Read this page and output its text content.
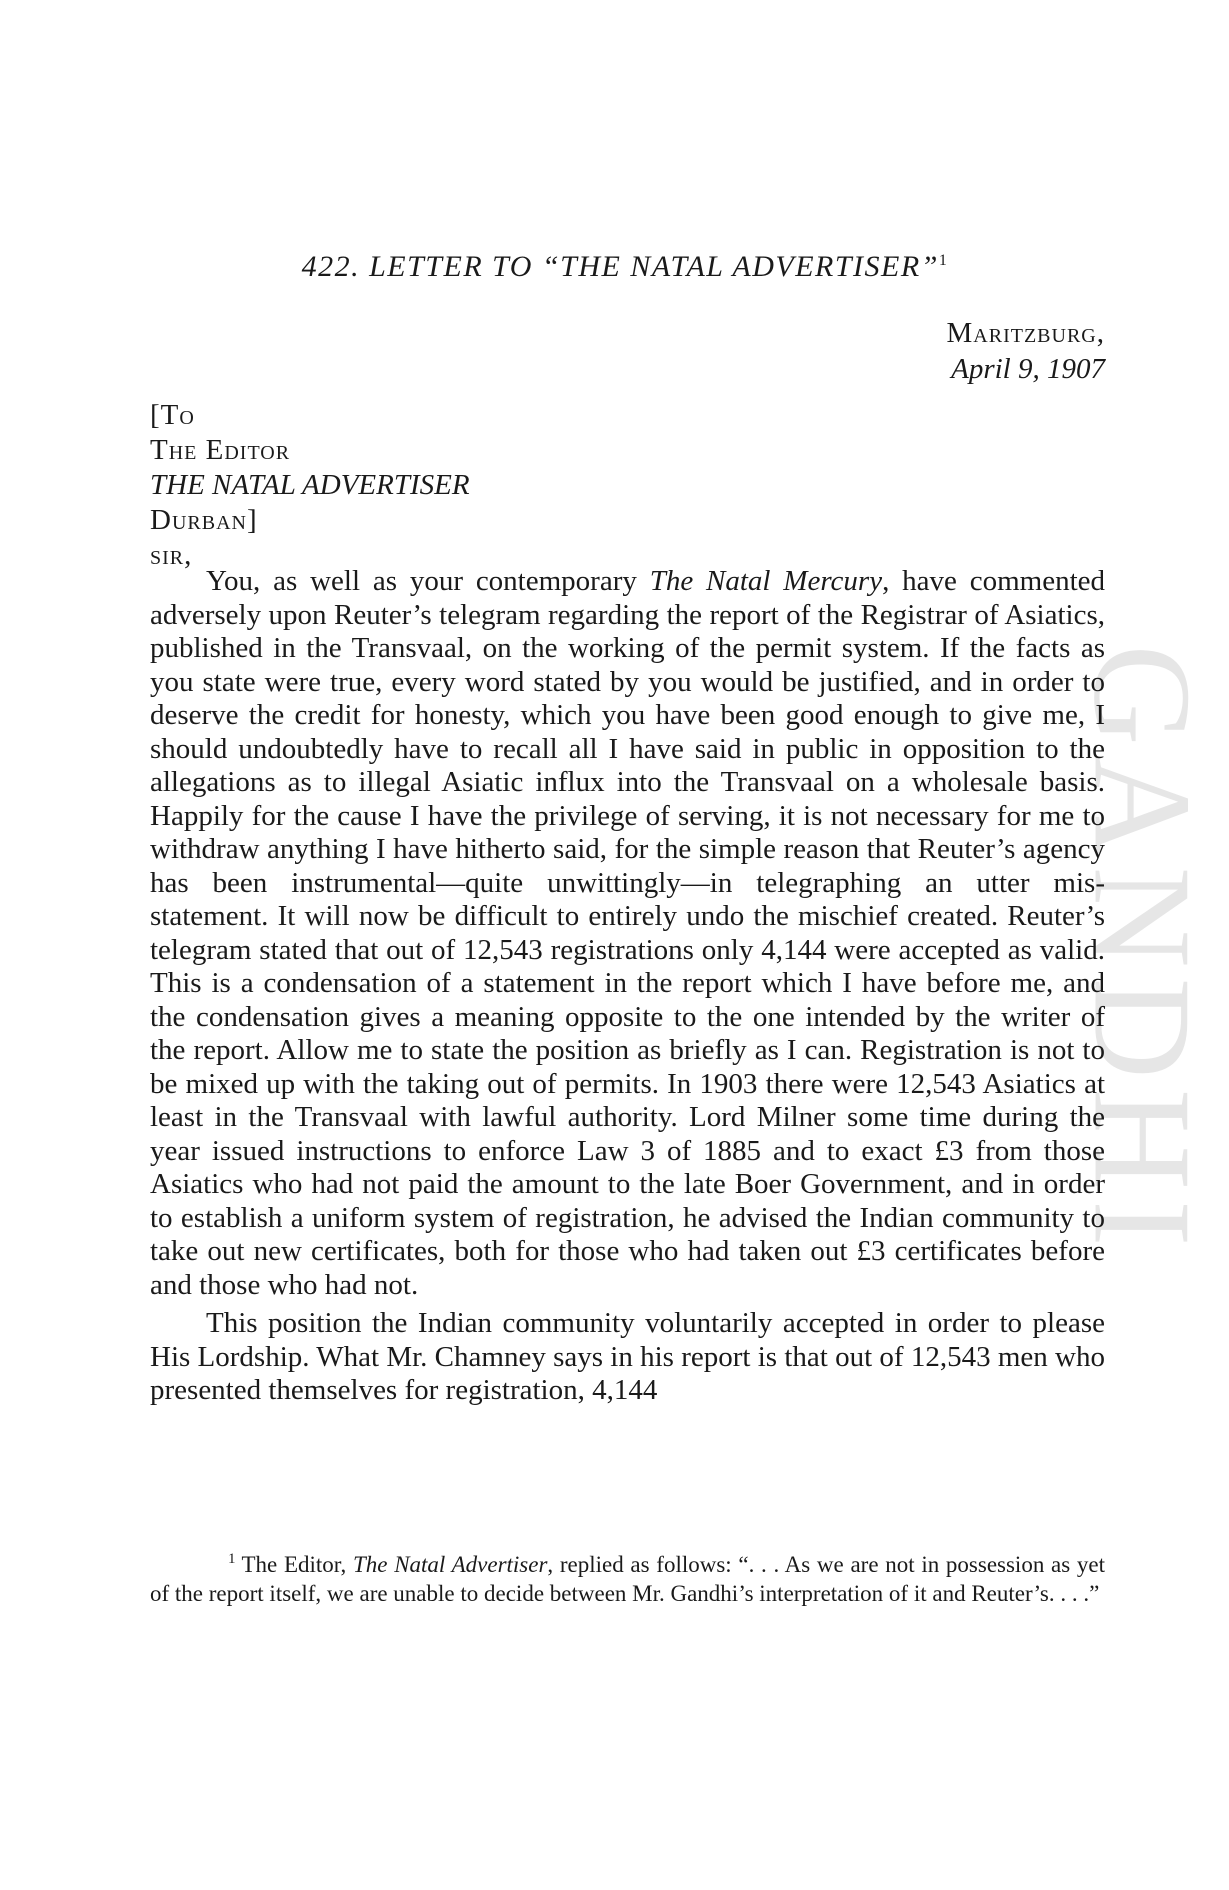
GANDHI
422. LETTER TO “THE NATAL ADVERTISER”$^1$
Maritzburg,
April 9, 1907
[To
The Editor
THE NATAL ADVERTISER
Durban]
sir,

You, as well as your contemporary The Natal Mercury, have commented adversely upon Reuter’s telegram regarding the report of the Registrar of Asiatics, published in the Transvaal, on the working of the permit system. If the facts as you state were true, every word stated by you would be justified, and in order to deserve the credit for honesty, which you have been good enough to give me, I should undoubtedly have to recall all I have said in public in opposition to the allegations as to illegal Asiatic influx into the Transvaal on a wholesale basis. Happily for the cause I have the privilege of serving, it is not necessary for me to withdraw anything I have hitherto said, for the simple reason that Reuter’s agency has been instrumental—quite unwittingly—in telegraphing an utter mis-statement. It will now be difficult to entirely undo the mischief created. Reuter’s telegram stated that out of 12,543 registrations only 4,144 were accepted as valid. This is a condensation of a statement in the report which I have before me, and the condensation gives a meaning opposite to the one intended by the writer of the report. Allow me to state the position as briefly as I can. Registration is not to be mixed up with the taking out of permits. In 1903 there were 12,543 Asiatics at least in the Transvaal with lawful authority. Lord Milner some time during the year issued instructions to enforce Law 3 of 1885 and to exact £3 from those Asiatics who had not paid the amount to the late Boer Government, and in order to establish a uniform system of registration, he advised the Indian community to take out new certificates, both for those who had taken out £3 certificates before and those who had not.

This position the Indian community voluntarily accepted in order to please His Lordship. What Mr. Chamney says in his report is that out of 12,543 men who presented themselves for registration, 4,144

$^1$ The Editor, The Natal Advertiser, replied as follows: “. . . As we are not in possession as yet of the report itself, we are unable to decide between Mr. Gandhi’s interpretation of it and Reuter’s. . . .”
